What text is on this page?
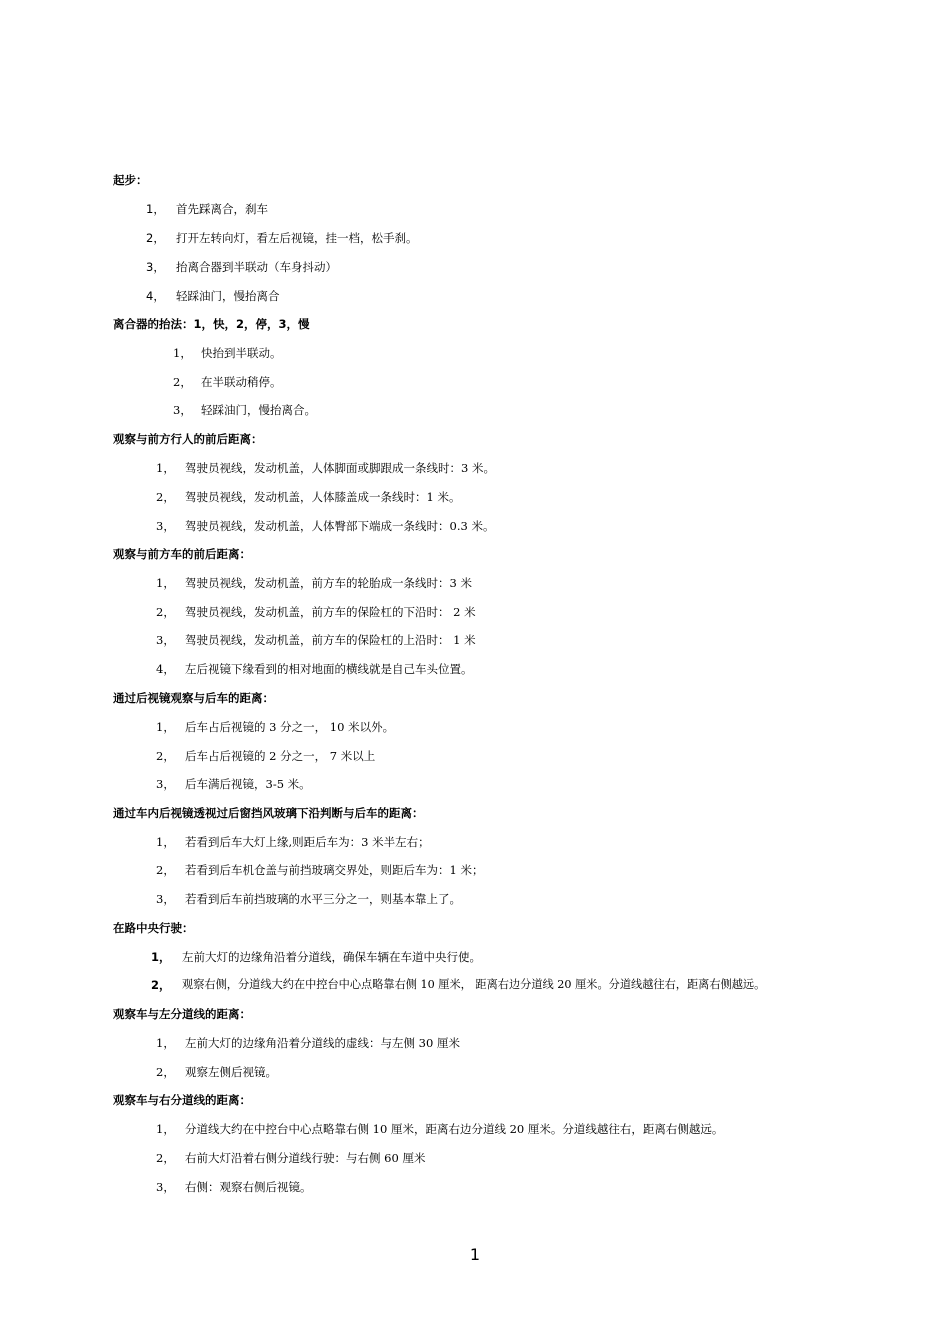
起步：
1， 首先踩离合，刹车
2， 打开左转向灯，看左后视镜，挂一档，松手刹。
3， 抬离合器到半联动（车身抖动）
4， 轻踩油门，慢抬离合
离合器的抬法：1，快，2，停，3，慢
1， 快抬到半联动。
2， 在半联动稍停。
3， 轻踩油门，慢抬离合。
观察与前方行人的前后距离：
1， 驾驶员视线，发动机盖，人体脚面或脚跟成一条线时：3 米。
2， 驾驶员视线，发动机盖，人体膝盖成一条线时：1 米。
3， 驾驶员视线，发动机盖，人体臀部下端成一条线时：0.3 米。
观察与前方车的前后距离：
1， 驾驶员视线，发动机盖，前方车的轮胎成一条线时：3 米
2， 驾驶员视线，发动机盖，前方车的保险杠的下沿时： 2 米
3， 驾驶员视线，发动机盖，前方车的保险杠的上沿时： 1 米
4， 左后视镜下缘看到的相对地面的横线就是自己车头位置。
通过后视镜观察与后车的距离：
1， 后车占后视镜的 3 分之一， 10 米以外。
2， 后车占后视镜的 2 分之一， 7 米以上
3， 后车满后视镜，3-5 米。
通过车内后视镜透视过后窗挡风玻璃下沿判断与后车的距离：
1， 若看到后车大灯上缘,则距后车为：3 米半左右；
2， 若看到后车机仓盖与前挡玻璃交界处，则距后车为：1 米；
3， 若看到后车前挡玻璃的水平三分之一，则基本靠上了。
在路中央行驶：
1， 左前大灯的边缘角沿着分道线，确保车辆在车道中央行使。
2， 观察右侧，分道线大约在中控台中心点略靠右侧 10 厘米， 距离右边分道线 20 厘米。分道线越往右，距离右侧越远。
观察车与左分道线的距离：
1， 左前大灯的边缘角沿着分道线的虚线：与左侧 30 厘米
2， 观察左侧后视镜。
观察车与右分道线的距离：
1， 分道线大约在中控台中心点略靠右侧 10 厘米，距离右边分道线 20 厘米。分道线越往右，距离右侧越远。
2， 右前大灯沿着右侧分道线行驶：与右侧 60 厘米
3， 右侧：观察右侧后视镜。
1
